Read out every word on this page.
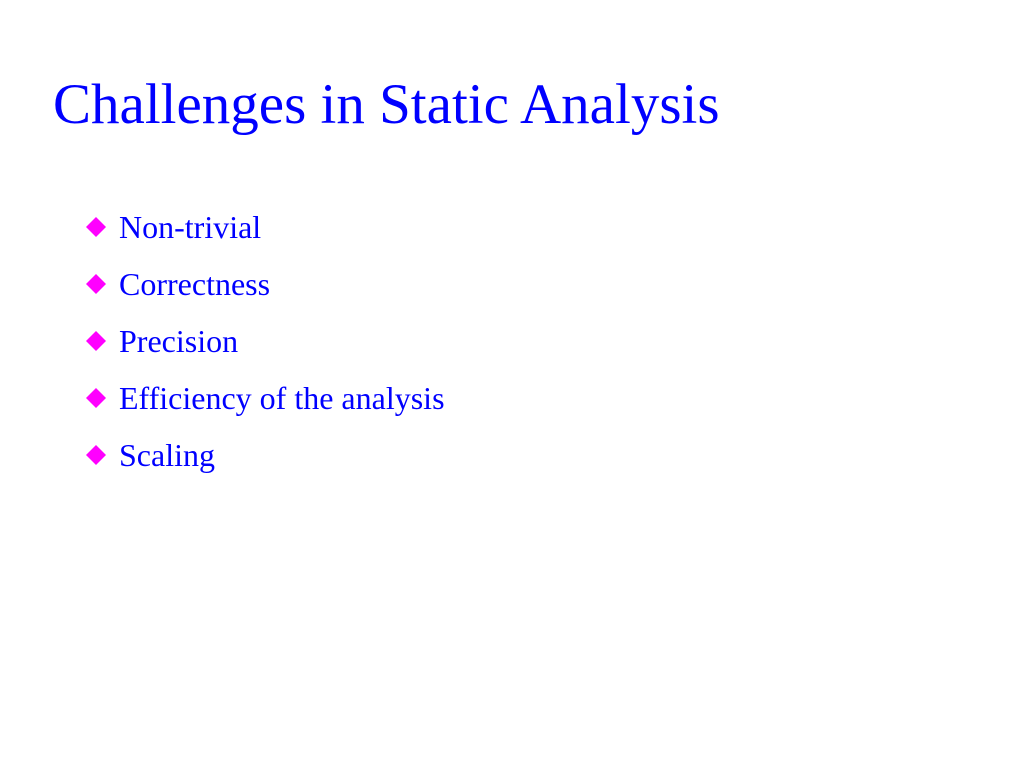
Challenges in Static Analysis
Non-trivial
Correctness
Precision
Efficiency of the analysis
Scaling
